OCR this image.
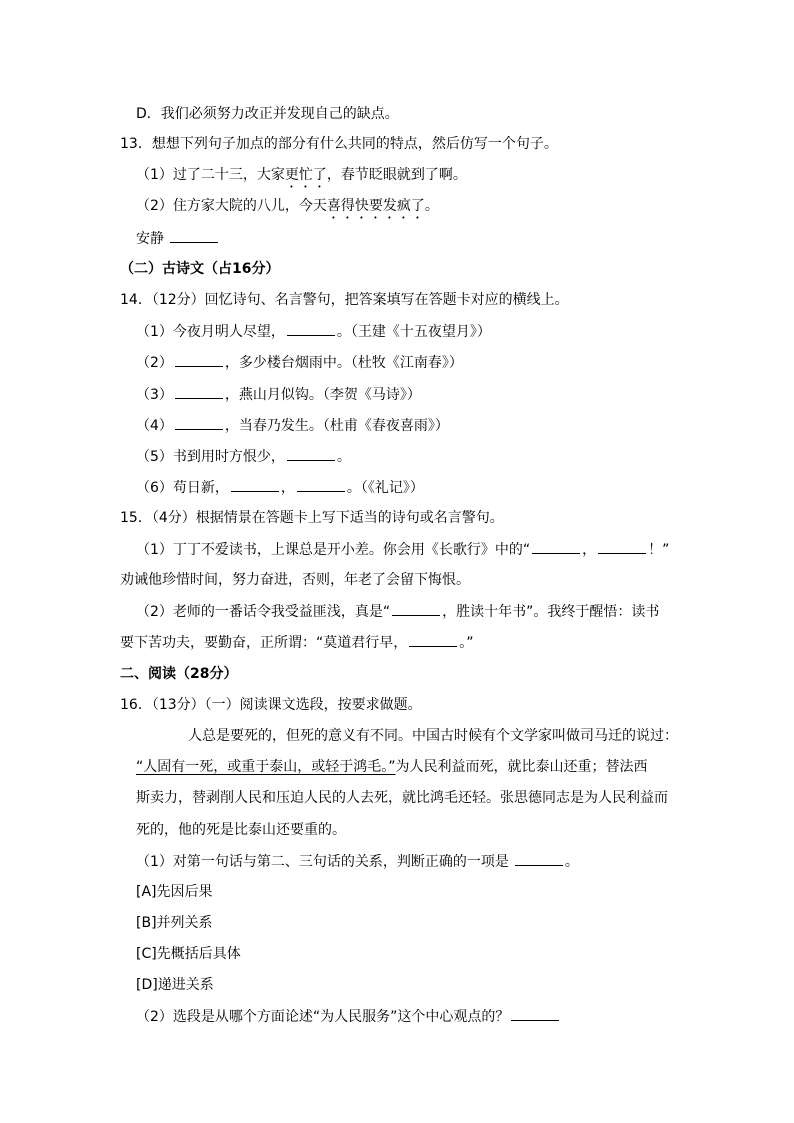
D．我们必须努力改正并发现自己的缺点。
13．想想下列句子加点的部分有什么共同的特点，然后仿写一个句子。
（1）过了二十三，大家更忙了，春节眨眼就到了啊。
（2）住方家大院的八儿，今天喜得快要发疯了。
安静
（二）古诗文（占16分）
14．（12分）回忆诗句、名言警句，把答案填写在答题卡对应的横线上。
（1）今夜月明人尽望，	。（王建《十五夜望月》）
（2）	，多少楼台烟雨中。（杜牧《江南春》）
（3）	，燕山月似钩。（李贺《马诗》）
（4）	，当春乃发生。（杜甫《春夜喜雨》）
（5）书到用时方恨少，	。
（6）苟日新，	，	。（《礼记》）
15．（4分）根据情景在答题卡上写下适当的诗句或名言警句。
（1）丁丁不爱读书，上课总是开小差。你会用《长歌行》中的“	，	！”
劝诫他珍惜时间，努力奋进，否则，年老了会留下悔恨。
（2）老师的一番话令我受益匪浅，真是“	，胜读十年书”。我终于醒悟：读书
要下苦功夫，要勤奋，正所谓：“莫道君行早，	。”
二、阅读（28分）
16．（13分）（一）阅读课文选段，按要求做题。
人总是要死的，但死的意义有不同。中国古时候有个文学家叫做司马迁的说过：
“人固有一死，或重于泰山，或轻于鸿毛。”为人民利益而死，就比泰山还重；替法西
斯卖力，替剥削人民和压迫人民的人去死，就比鸿毛还轻。张思德同志是为人民利益而
死的，他的死是比泰山还要重的。
（1）对第一句话与第二、三句话的关系，判断正确的一项是	。
[A]先因后果
[B]并列关系
[C]先概括后具体
[D]递进关系
（2）选段是从哪个方面论述“为人民服务”这个中心观点的？
